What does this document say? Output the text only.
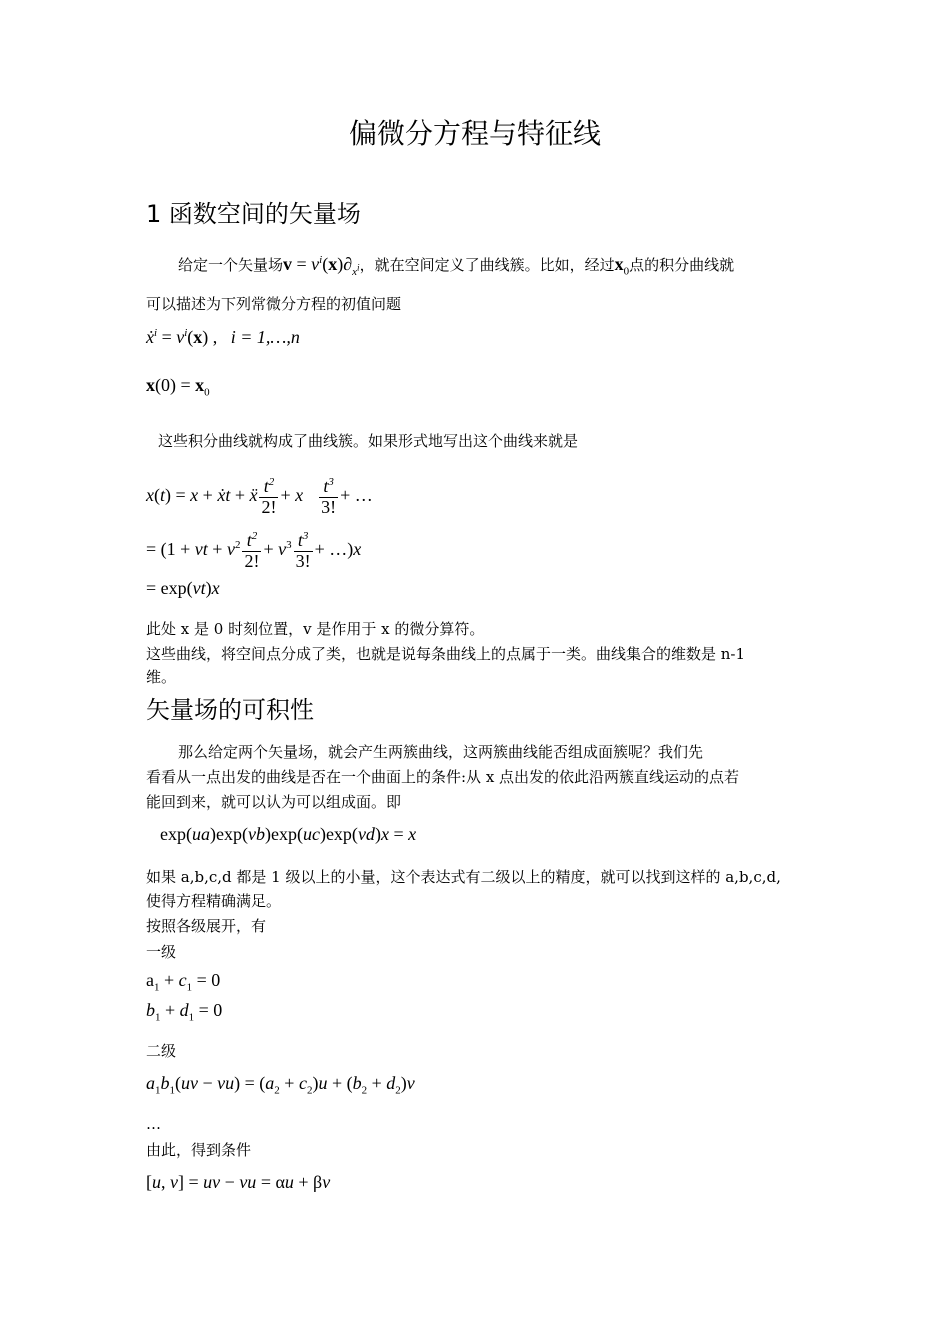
偏微分方程与特征线
1 函数空间的矢量场
给定一个矢量场$v = v^i(x)\partial_{x^i}$，就在空间定义了曲线簇。比如，经过$x_0$点的积分曲线就
可以描述为下列常微分方程的初值问题
ẋ$^i$ = $v^i(x)$ ,   i = 1,…,n
$x(0) = x_0$
这些积分曲线就构成了曲线簇。如果形式地写出这个曲线来就是
x(t) = x + ẋt + ẍ $\frac{t^2}{2!}$ + x⃛ $\frac{t^3}{3!}$ + …
= (1 + vt + $v^2 \frac{t^2}{2!} + v^3 \frac{t^3}{3!}$ + …)x
= exp(vt)x
此处 x 是 0 时刻位置，v 是作用于 x 的微分算符。
这些曲线，将空间点分成了类，也就是说每条曲线上的点属于一类。曲线集合的维数是 n-1
维。
矢量场的可积性
那么给定两个矢量场，就会产生两簇曲线，这两簇曲线能否组成面簇呢？我们先
看看从一点出发的曲线是否在一个曲面上的条件:从 x 点出发的依此沿两簇直线运动的点若
能回到来，就可以认为可以组成面。即
exp(ua)exp(vb)exp(uc)exp(vd)x = x
如果 a,b,c,d 都是 1 级以上的小量，这个表达式有二级以上的精度，就可以找到这样的 a,b,c,d,
使得方程精确满足。
按照各级展开，有
一级
$a_1 + c_1 = 0$
$b_1 + d_1 = 0$
二级
$a_1b_1(uv - vu) = (a_2 + c_2)u + (b_2 + d_2)v$
…
由此，得到条件
[u, v] = uv − vu = αu + βv
